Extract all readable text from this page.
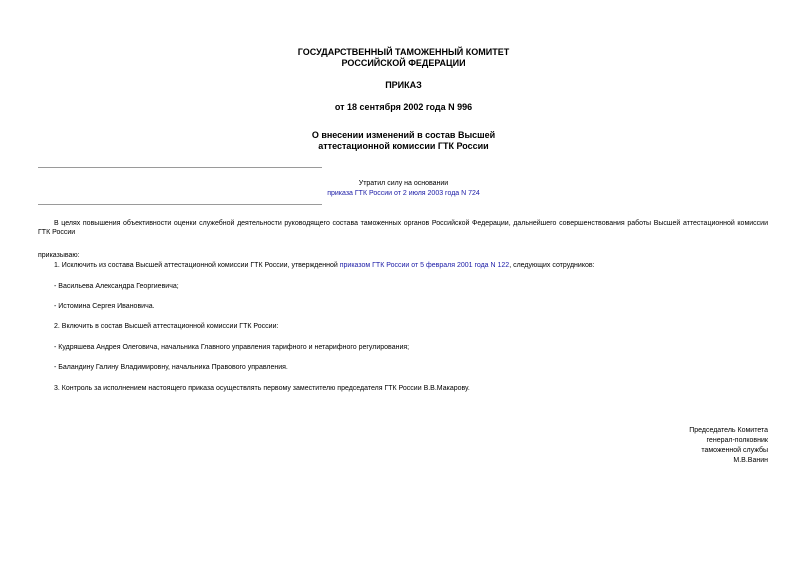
ГОСУДАРСТВЕННЫЙ ТАМОЖЕННЫЙ КОМИТЕТ

РОССИЙСКОЙ ФЕДЕРАЦИИ

ПРИКАЗ

от 18 сентября 2002 года N 996

О внесении изменений в состав Высшей

аттестационной комиссии ГТК России

Утратил силу на основании

приказа ГТК России от 2 июля 2003 года N 724

В целях повышения объективности оценки служебной деятельности руководящего состава таможенных органов Российской Федерации, дальнейшего совершенствования работы Высшей аттестационной комиссии ГТК России

приказываю:

1. Исключить из состава Высшей аттестационной комиссии ГТК России, утвержденной приказом ГТК России от 5 февраля 2001 года N 122, следующих сотрудников:

- Васильева Александра Георгиевича;

- Истомина Сергея Ивановича.

2. Включить в состав Высшей аттестационной комиссии ГТК России:

- Кудряшева Андрея Олеговича, начальника Главного управления тарифного и нетарифного регулирования;

- Баландину Галину Владимировну, начальника Правового управления.

3. Контроль за исполнением настоящего приказа осуществлять первому заместителю председателя ГТК России В.В.Макарову.

Председатель Комитета

генерал-полковник

таможенной службы

М.В.Ванин
